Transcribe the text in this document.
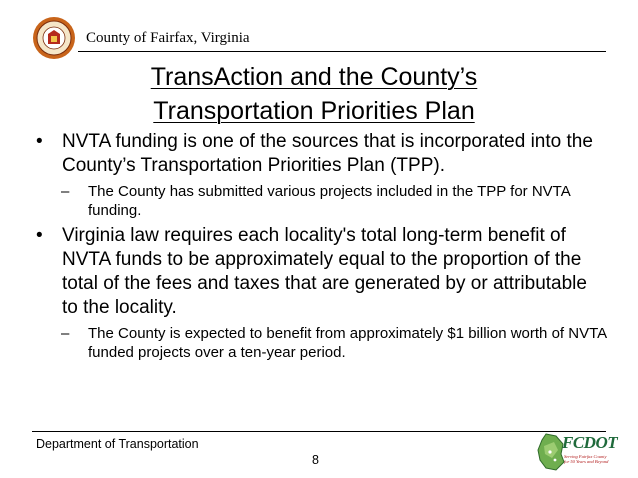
County of Fairfax, Virginia
TransAction and the County’s Transportation Priorities Plan
• NVTA funding is one of the sources that is incorporated into the County’s Transportation Priorities Plan (TPP).
– The County has submitted various projects included in the TPP for NVTA funding.
• Virginia law requires each locality's total long-term benefit of NVTA funds to be approximately equal to the proportion of the total of the fees and taxes that are generated by or attributable to the locality.
– The County is expected to benefit from approximately $1 billion worth of NVTA funded projects over a ten-year period.
Department of Transportation
8
FCDOT
Serving Fairfax County for 50 Years and Beyond
